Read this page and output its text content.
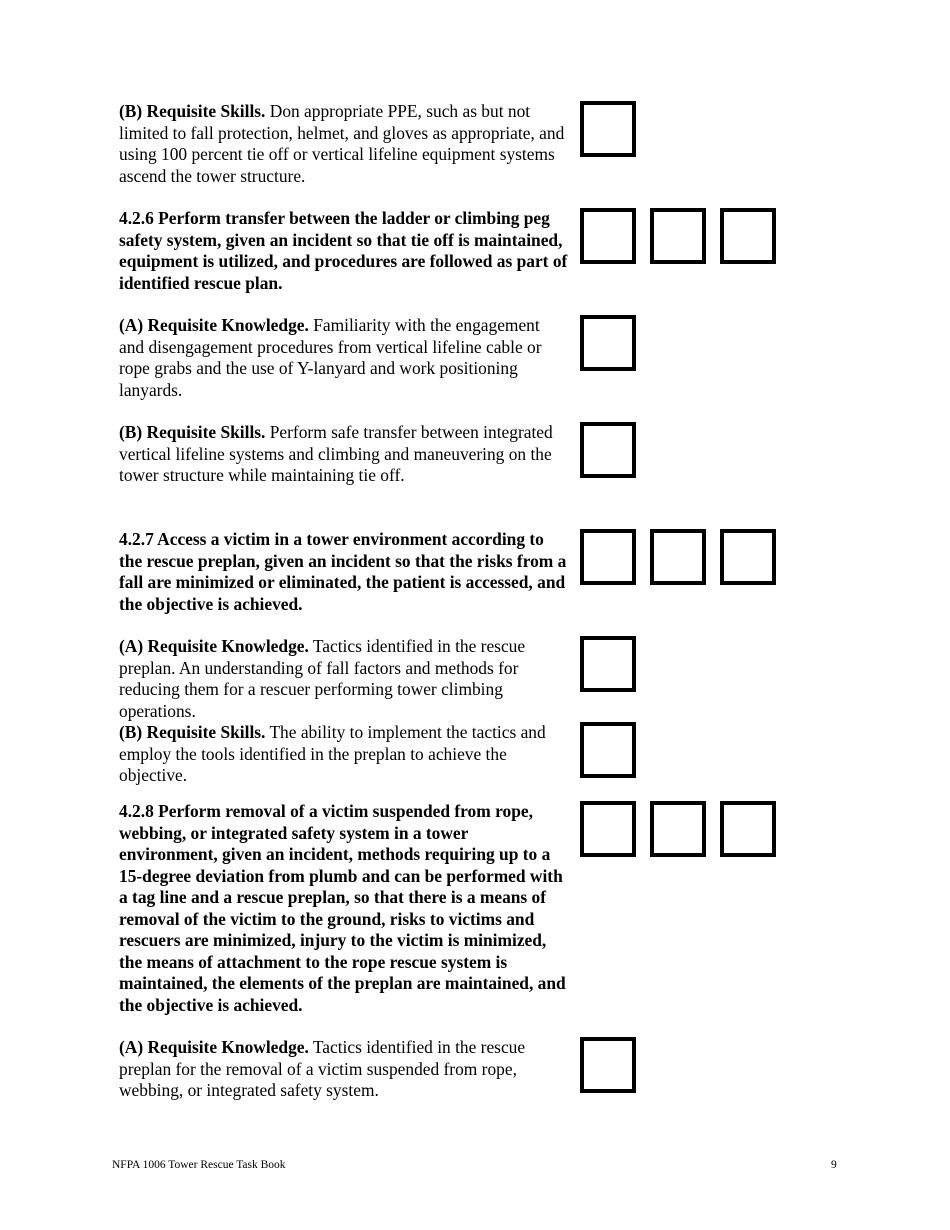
(B) Requisite Skills. Don appropriate PPE, such as but not limited to fall protection, helmet, and gloves as appropriate, and using 100 percent tie off or vertical lifeline equipment systems ascend the tower structure.
4.2.6 Perform transfer between the ladder or climbing peg safety system, given an incident so that tie off is maintained, equipment is utilized, and procedures are followed as part of identified rescue plan.
(A) Requisite Knowledge. Familiarity with the engagement and disengagement procedures from vertical lifeline cable or rope grabs and the use of Y-lanyard and work positioning lanyards.
(B) Requisite Skills. Perform safe transfer between integrated vertical lifeline systems and climbing and maneuvering on the tower structure while maintaining tie off.
4.2.7 Access a victim in a tower environment according to the rescue preplan, given an incident so that the risks from a fall are minimized or eliminated, the patient is accessed, and the objective is achieved.
(A) Requisite Knowledge. Tactics identified in the rescue preplan. An understanding of fall factors and methods for reducing them for a rescuer performing tower climbing operations.
(B) Requisite Skills. The ability to implement the tactics and employ the tools identified in the preplan to achieve the objective.
4.2.8 Perform removal of a victim suspended from rope, webbing, or integrated safety system in a tower environment, given an incident, methods requiring up to a 15-degree deviation from plumb and can be performed with a tag line and a rescue preplan, so that there is a means of removal of the victim to the ground, risks to victims and rescuers are minimized, injury to the victim is minimized, the means of attachment to the rope rescue system is maintained, the elements of the preplan are maintained, and the objective is achieved.
(A) Requisite Knowledge. Tactics identified in the rescue preplan for the removal of a victim suspended from rope, webbing, or integrated safety system.
NFPA 1006 Tower Rescue Task Book	9
